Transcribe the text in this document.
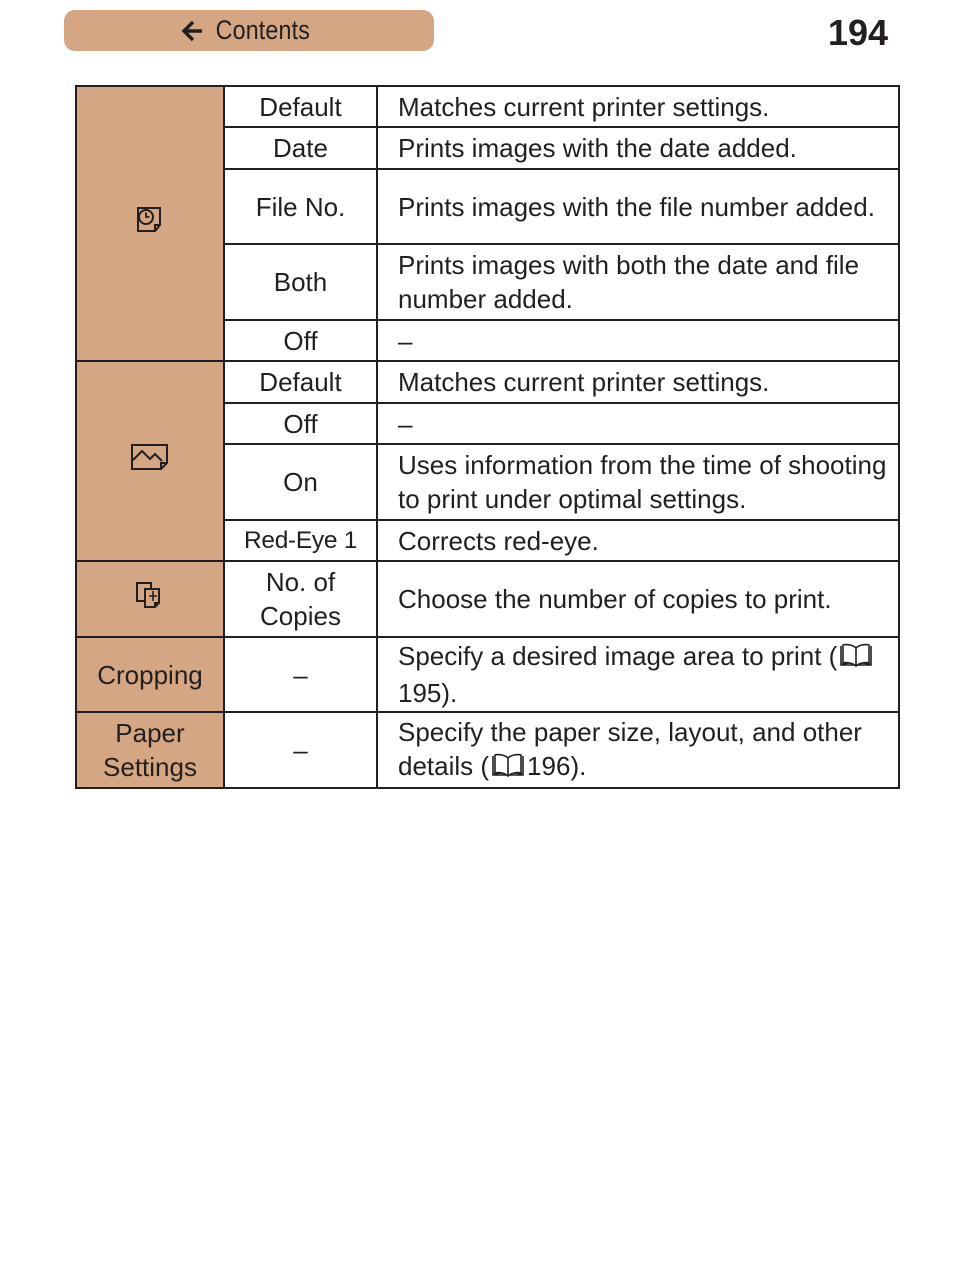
Contents	194
	Default	Matches current printer settings.
	Date	Prints images with the date added.
	File No.	Prints images with the file number added.
	Both	Prints images with both the date and file number added.
	Off	–
	Default	Matches current printer settings.
	Off	–
	On	Uses information from the time of shooting to print under optimal settings.
	Red-Eye 1	Corrects red-eye.
	No. of Copies	Choose the number of copies to print.
Cropping	–	Specify a desired image area to print (195).
Paper Settings	–	Specify the paper size, layout, and other details ( 196).
